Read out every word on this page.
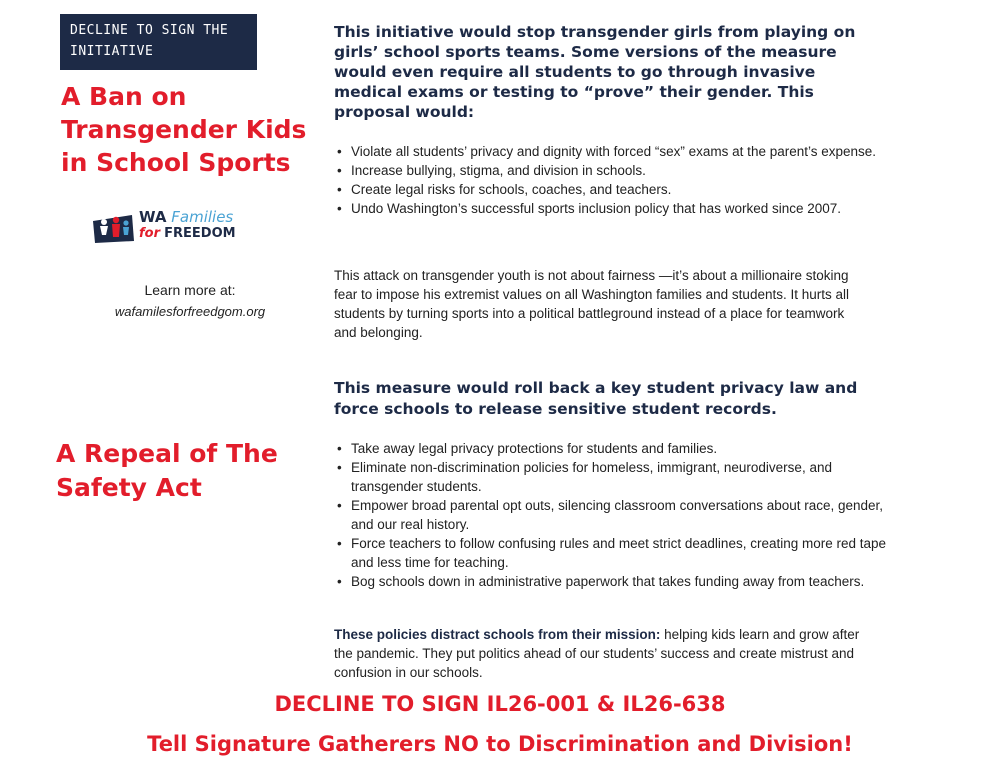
DECLINE TO SIGN THE
INITIATIVE
A Ban on Transgender Kids in School Sports
WA Families
for FREEDOM
Learn more at:
wafamilesforfreedgom.org
A Repeal of The Safety Act

This initiative would stop transgender girls from playing on girls’ school sports teams. Some versions of the measure would even require all students to go through invasive medical exams or testing to “prove” their gender. This proposal would:

• Violate all students’ privacy and dignity with forced “sex” exams at the parent’s expense.
• Increase bullying, stigma, and division in schools.
• Create legal risks for schools, coaches, and teachers.
• Undo Washington’s successful sports inclusion policy that has worked since 2007.

This attack on transgender youth is not about fairness —it’s about a millionaire stoking fear to impose his extremist values on all Washington families and students. It hurts all students by turning sports into a political battleground instead of a place for teamwork and belonging.

This measure would roll back a key student privacy law and force schools to release sensitive student records.

• Take away legal privacy protections for students and families.
• Eliminate non-discrimination policies for homeless, immigrant, neurodiverse, and transgender students.
• Empower broad parental opt outs, silencing classroom conversations about race, gender, and our real history.
• Force teachers to follow confusing rules and meet strict deadlines, creating more red tape and less time for teaching.
• Bog schools down in administrative paperwork that takes funding away from teachers.

These policies distract schools from their mission: helping kids learn and grow after the pandemic. They put politics ahead of our students’ success and create mistrust and confusion in our schools.

DECLINE TO SIGN IL26-001 & IL26-638
Tell Signature Gatherers NO to Discrimination and Division!
